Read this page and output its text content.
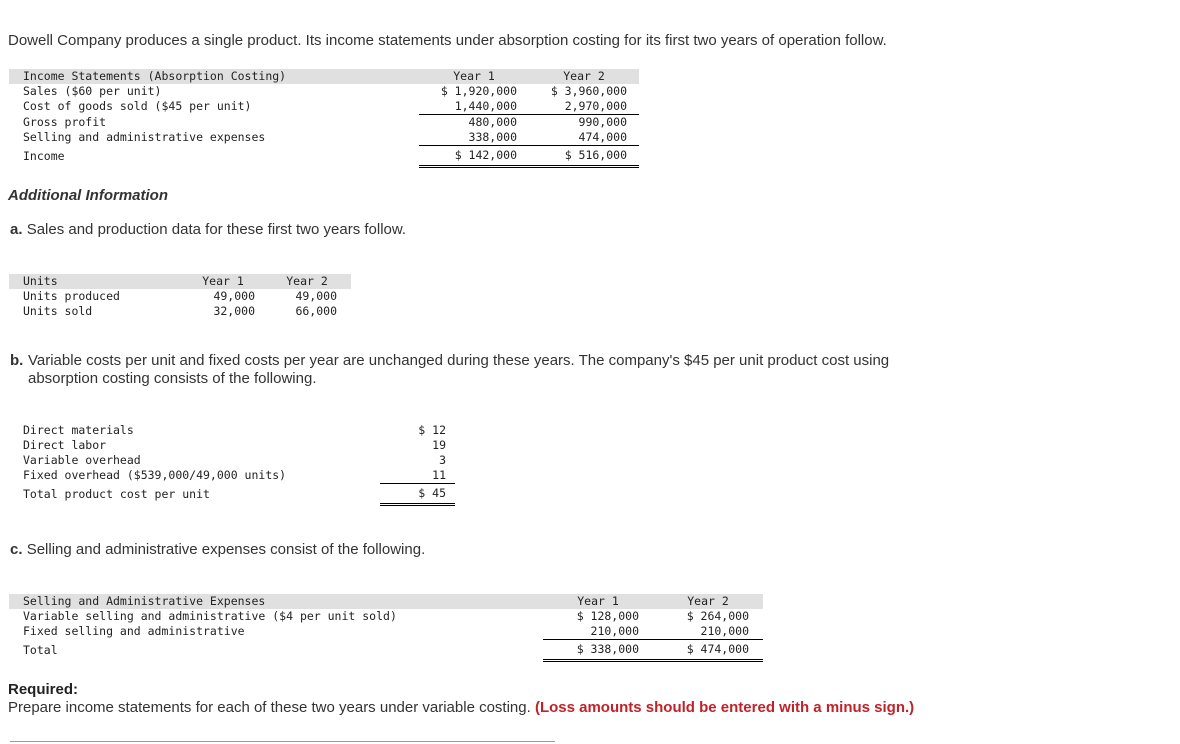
Dowell Company produces a single product. Its income statements under absorption costing for its first two years of operation follow.
Income Statements (Absorption Costing)	Year 1	Year 2
Sales ($60 per unit)	$ 1,920,000	$ 3,960,000
Cost of goods sold ($45 per unit)	1,440,000	2,970,000
Gross profit	480,000	990,000
Selling and administrative expenses	338,000	474,000
Income	$ 142,000	$ 516,000
Additional Information
a. Sales and production data for these first two years follow.
Units	Year 1	Year 2
Units produced	49,000	49,000
Units sold	32,000	66,000
b. Variable costs per unit and fixed costs per year are unchanged during these years. The company's $45 per unit product cost using absorption costing consists of the following.
Direct materials	$ 12
Direct labor	19
Variable overhead	3
Fixed overhead ($539,000/49,000 units)	11
Total product cost per unit	$ 45
c. Selling and administrative expenses consist of the following.
Selling and Administrative Expenses	Year 1	Year 2
Variable selling and administrative ($4 per unit sold)	$ 128,000	$ 264,000
Fixed selling and administrative	210,000	210,000
Total	$ 338,000	$ 474,000
Required:
Prepare income statements for each of these two years under variable costing. (Loss amounts should be entered with a minus sign.)
